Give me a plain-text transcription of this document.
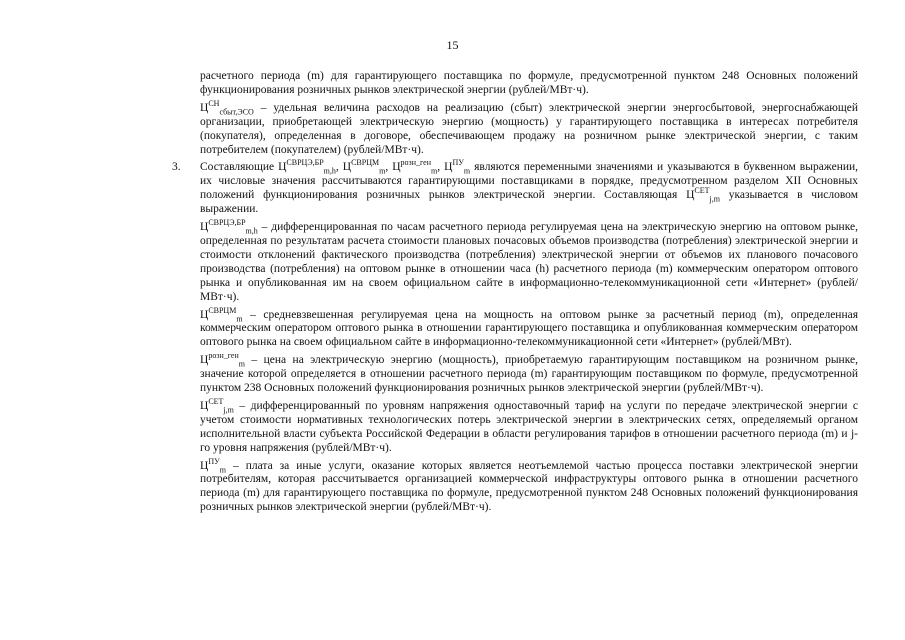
15

расчетного периода (m) для гарантирующего поставщика по формуле, предусмотренной пунктом 248 Основных положений функционирования розничных рынков электрической энергии (рублей/МВт·ч).

$Ц^{СН}_{сбыт,ЭСО}$ – удельная величина расходов на реализацию (сбыт) электрической энергии энергосбытовой, энергоснабжающей организации, приобретающей электрическую энергию (мощность) у гарантирующего поставщика в интересах потребителя (покупателя), определенная в договоре, обеспечивающем продажу на розничном рынке электрической энергии, с таким потребителем (покупателем) (рублей/МВт·ч).

3. Составляющие $Ц^{СВРЦЭ,БР}_{m,h}$, $Ц^{СВРЦМ}_m$, $Ц^{розн\_ген}_m$, $Ц^{ПУ}_m$ являются переменными значениями и указываются в буквенном выражении, их числовые значения рассчитываются гарантирующими поставщиками в порядке, предусмотренном разделом XII Основных положений функционирования розничных рынков электрической энергии. Составляющая $Ц^{СЕТ}_{j,m}$ указывается в числовом выражении.

$Ц^{СВРЦЭ,БР}_{m,h}$ – дифференцированная по часам расчетного периода регулируемая цена на электрическую энергию на оптовом рынке, определенная по результатам расчета стоимости плановых почасовых объемов производства (потребления) электрической энергии и стоимости отклонений фактического производства (потребления) электрической энергии от объемов их планового почасового производства (потребления) на оптовом рынке в отношении часа (h) расчетного периода (m) коммерческим оператором оптового рынка и опубликованная им на своем официальном сайте в информационно-телекоммуникационной сети «Интернет» (рублей/МВт·ч).

$Ц^{СВРЦМ}_m$ – средневзвешенная регулируемая цена на мощность на оптовом рынке за расчетный период (m), определенная коммерческим оператором оптового рынка в отношении гарантирующего поставщика и опубликованная коммерческим оператором оптового рынка на своем официальном сайте в информационно-телекоммуникационной сети «Интернет» (рублей/МВт).

$Ц^{розн\_ген}_m$ – цена на электрическую энергию (мощность), приобретаемую гарантирующим поставщиком на розничном рынке, значение которой определяется в отношении расчетного периода (m) гарантирующим поставщиком по формуле, предусмотренной пунктом 238 Основных положений функционирования розничных рынков электрической энергии (рублей/МВт·ч).

$Ц^{СЕТ}_{j,m}$ – дифференцированный по уровням напряжения одноставочный тариф на услуги по передаче электрической энергии с учетом стоимости нормативных технологических потерь электрической энергии в электрических сетях, определяемый органом исполнительной власти субъекта Российской Федерации в области регулирования тарифов в отношении расчетного периода (m) и j-го уровня напряжения (рублей/МВт·ч).

$Ц^{ПУ}_m$ – плата за иные услуги, оказание которых является неотъемлемой частью процесса поставки электрической энергии потребителям, которая рассчитывается организацией коммерческой инфраструктуры оптового рынка в отношении расчетного периода (m) для гарантирующего поставщика по формуле, предусмотренной пунктом 248 Основных положений функционирования розничных рынков электрической энергии (рублей/МВт·ч).
